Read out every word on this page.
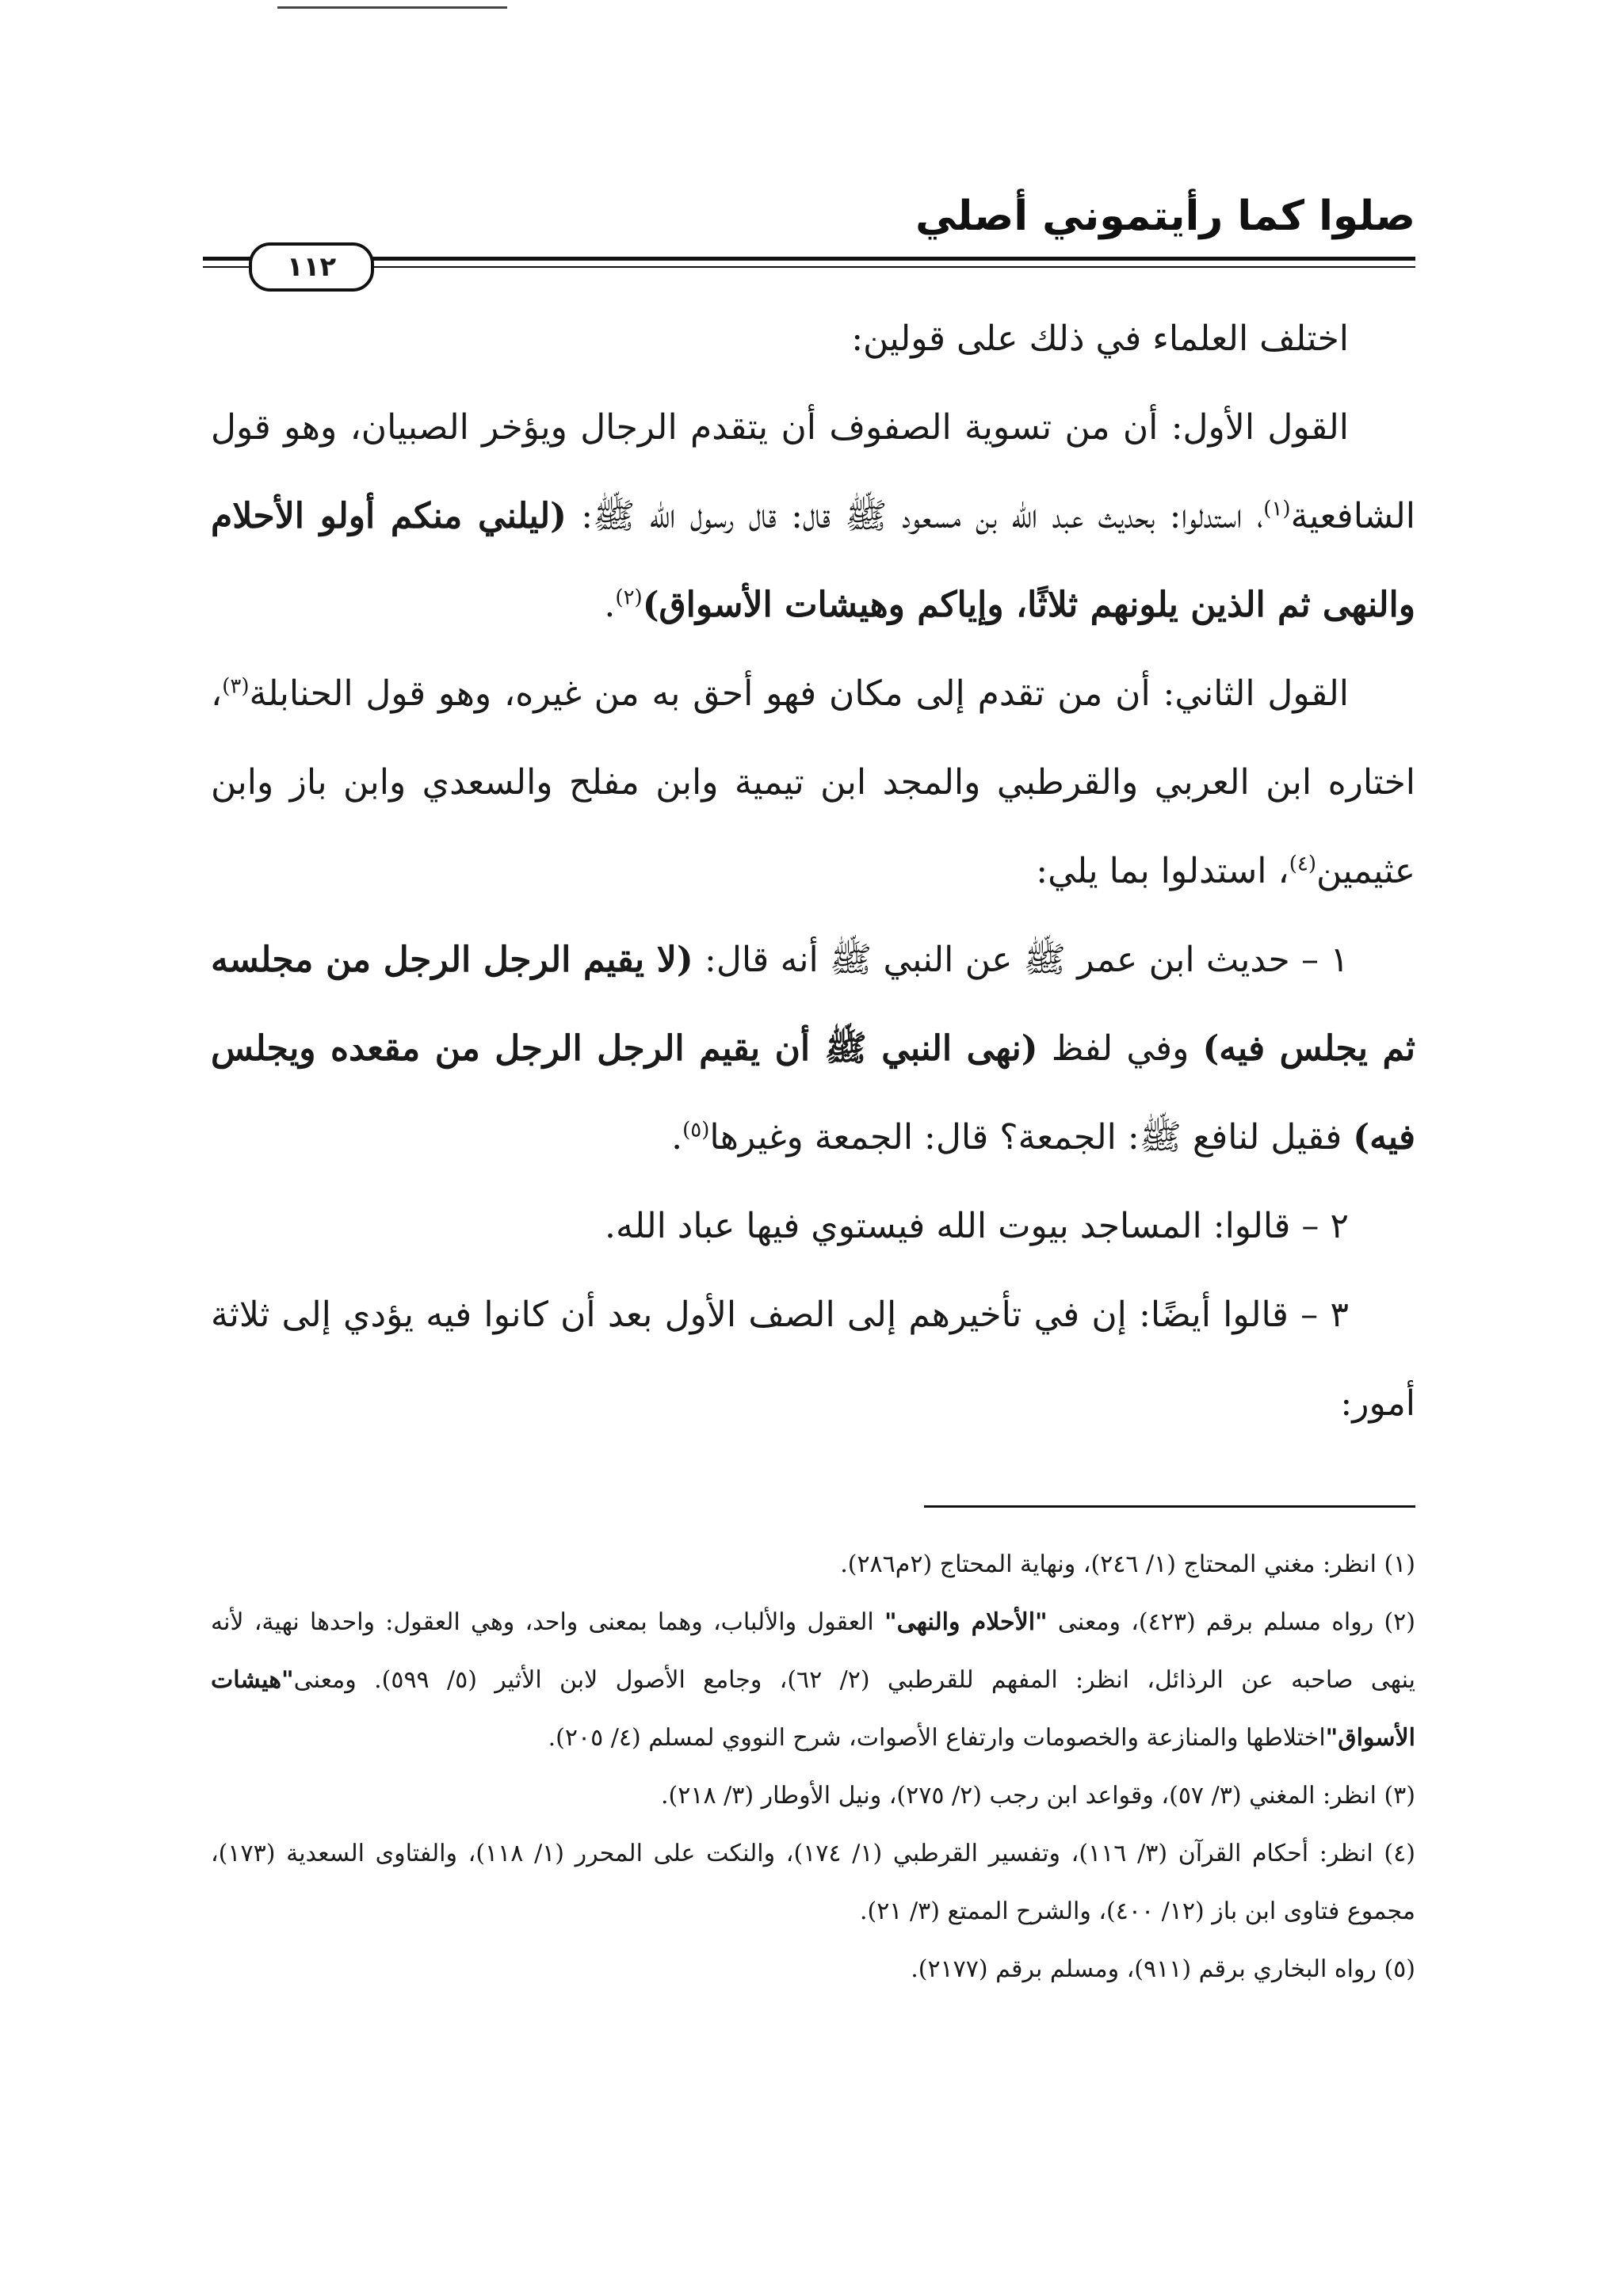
صلوا كما رأيتموني أصلي
١١٢

اختلف العلماء في ذلك على قولين:

القول الأول: أن من تسوية الصفوف أن يتقدم الرجال ويؤخر الصبيان، وهو قول الشافعية$^{(١)}$، استدلوا: بحديث عبد الله بن مسعود ﷺ قال: قال رسول الله ﷺ: (ليلني منكم أولو الأحلام والنهى ثم الذين يلونهم ثلاثًا، وإياكم وهيشات الأسواق)$^{(٢)}$.

القول الثاني: أن من تقدم إلى مكان فهو أحق به من غيره، وهو قول الحنابلة$^{(٣)}$، اختاره ابن العربي والقرطبي والمجد ابن تيمية وابن مفلح والسعدي وابن باز وابن عثيمين$^{(٤)}$، استدلوا بما يلي:

١ – حديث ابن عمر ﷺ عن النبي ﷺ أنه قال: (لا يقيم الرجل الرجل من مجلسه ثم يجلس فيه) وفي لفظ (نهى النبي ﷺ أن يقيم الرجل الرجل من مقعده ويجلس فيه) فقيل لنافع ﷺ: الجمعة؟ قال: الجمعة وغيرها$^{(٥)}$.

٢ – قالوا: المساجد بيوت الله فيستوي فيها عباد الله.

٣ – قالوا أيضًا: إن في تأخيرهم إلى الصف الأول بعد أن كانوا فيه يؤدي إلى ثلاثة أمور:

(١) انظر: مغني المحتاج (١/ ٢٤٦)، ونهاية المحتاج (٢م٢٨٦).

(٢) رواه مسلم برقم (٤٢٣)، ومعنى "الأحلام والنهى" العقول والألباب، وهما بمعنى واحد، وهي العقول: واحدها نهية، لأنه ينهى صاحبه عن الرذائل، انظر: المفهم للقرطبي (٢/ ٦٢)، وجامع الأصول لابن الأثير (٥/ ٥٩٩). ومعنى"هيشات الأسواق"اختلاطها والمنازعة والخصومات وارتفاع الأصوات، شرح النووي لمسلم (٤/ ٢٠٥).

(٣) انظر: المغني (٣/ ٥٧)، وقواعد ابن رجب (٢/ ٢٧٥)، ونيل الأوطار (٣/ ٢١٨).

(٤) انظر: أحكام القرآن (٣/ ١١٦)، وتفسير القرطبي (١/ ١٧٤)، والنكت على المحرر (١/ ١١٨)، والفتاوى السعدية (١٧٣)، مجموع فتاوى ابن باز (١٢/ ٤٠٠)، والشرح الممتع (٣/ ٢١).

(٥) رواه البخاري برقم (٩١١)، ومسلم برقم (٢١٧٧).
